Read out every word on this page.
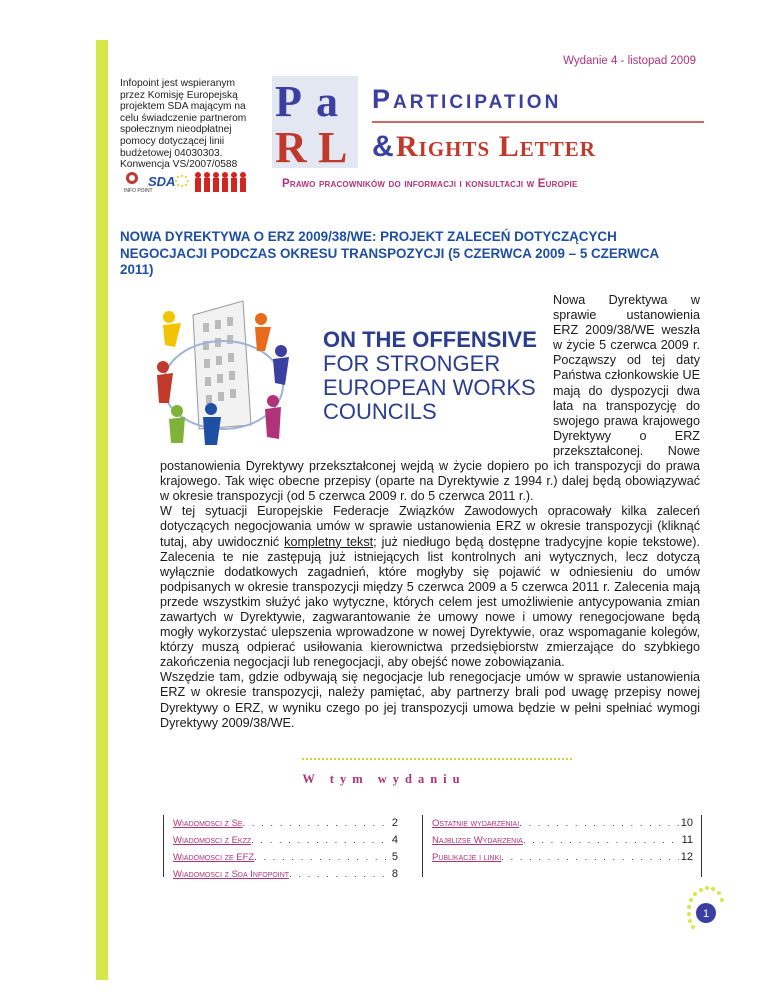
Wydanie 4 - listopad 2009
Infopoint jest wspieranym przez Komisję Europejską projektem SDA mającym na celu świadczenie partnerom społecznym nieodpłatnej pomocy dotyczącej linii budżetowej 04030303. Konwencja VS/2007/0588
INFO POINT
SDA
P a
R L
Participation
& Rights Letter
Prawo pracowników do informacji i konsultacji w Europie
NOWA DYREKTYWA O ERZ 2009/38/WE: PROJEKT ZALECEŃ DOTYCZĄCYCH NEGOCJACJI PODCZAS OKRESU TRANSPOZYCJI (5 CZERWCA 2009 – 5 CZERWCA 2011)
ON THE OFFENSIVE
FOR STRONGER
EUROPEAN WORKS
COUNCILS

Nowa Dyrektywa w sprawie ustanowienia ERZ 2009/38/WE weszła w życie 5 czerwca 2009 r. Począwszy od tej daty Państwa członkowskie UE mają do dyspozycji dwa lata na transpozycję do swojego prawa krajowego Dyrektywy o ERZ przekształconej. Nowe postanowienia Dyrektywy przekształconej wejdą w życie dopiero po ich transpozycji do prawa krajowego. Tak więc obecne przepisy (oparte na Dyrektywie z 1994 r.) dalej będą obowiązywać w okresie transpozycji (od 5 czerwca 2009 r. do 5 czerwca 2011 r.).

W tej sytuacji Europejskie Federacje Związków Zawodowych opracowały kilka zaleceń dotyczących negocjowania umów w sprawie ustanowienia ERZ w okresie transpozycji (kliknąć tutaj, aby uwidocznić kompletny tekst; już niedługo będą dostępne tradycyjne kopie tekstowe). Zalecenia te nie zastępują już istniejących list kontrolnych ani wytycznych, lecz dotyczą wyłącznie dodatkowych zagadnień, które mogłyby się pojawić w odniesieniu do umów podpisanych w okresie transpozycji między 5 czerwca 2009 a 5 czerwca 2011 r. Zalecenia mają przede wszystkim służyć jako wytyczne, których celem jest umożliwienie antycypowania zmian zawartych w Dyrektywie, zagwarantowanie że umowy nowe i umowy renegocjowane będą mogły wykorzystać ulepszenia wprowadzone w nowej Dyrektywie, oraz wspomaganie kolegów, którzy muszą odpierać usiłowania kierownictwa przedsiębiorstw zmierzające do szybkiego zakończenia negocjacji lub renegocjacji, aby obejść nowe zobowiązania.

Wszędzie tam, gdzie odbywają się negocjacje lub renegocjacje umów w sprawie ustanowienia ERZ w okresie transpozycji, należy pamiętać, aby partnerzy brali pod uwagę przepisy nowej Dyrektywy o ERZ, w wyniku czego po jej transpozycji umowa będzie w pełni spełniać wymogi Dyrektywy 2009/38/WE.

W tym wydaniu
Wiadomosci z Se . . .	2
Wiadomosci z Ekzz . . .	4
Wiadomosci ze EFZ . . .	5
Wiadomosci z Sda Infopoint . . .	8
Ostatnie wydarzeniai . . .	10
Najblizse Wydarzenia . . .	11
Publikacje i linki . . .	12
1
